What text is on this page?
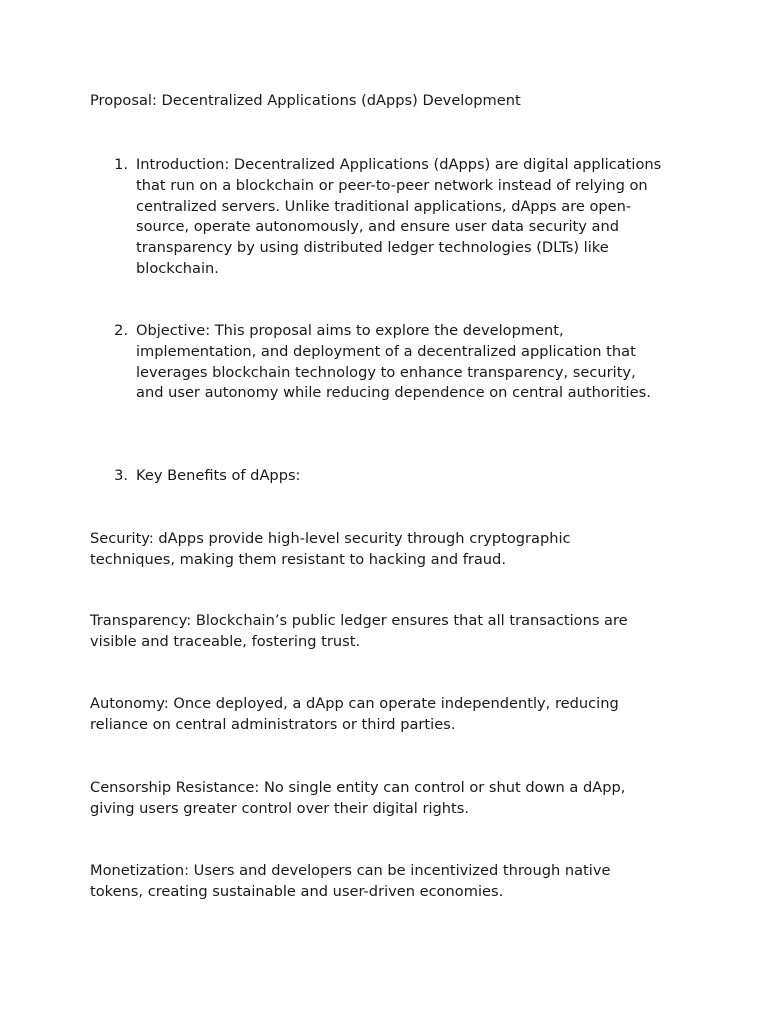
Proposal: Decentralized Applications (dApps) Development

1. Introduction: Decentralized Applications (dApps) are digital applications
that run on a blockchain or peer-to-peer network instead of relying on
centralized servers. Unlike traditional applications, dApps are open-
source, operate autonomously, and ensure user data security and
transparency by using distributed ledger technologies (DLTs) like
blockchain.

2. Objective: This proposal aims to explore the development,
implementation, and deployment of a decentralized application that
leverages blockchain technology to enhance transparency, security,
and user autonomy while reducing dependence on central authorities.

3. Key Benefits of dApps:

Security: dApps provide high-level security through cryptographic
techniques, making them resistant to hacking and fraud.

Transparency: Blockchain’s public ledger ensures that all transactions are
visible and traceable, fostering trust.

Autonomy: Once deployed, a dApp can operate independently, reducing
reliance on central administrators or third parties.

Censorship Resistance: No single entity can control or shut down a dApp,
giving users greater control over their digital rights.

Monetization: Users and developers can be incentivized through native
tokens, creating sustainable and user-driven economies.
